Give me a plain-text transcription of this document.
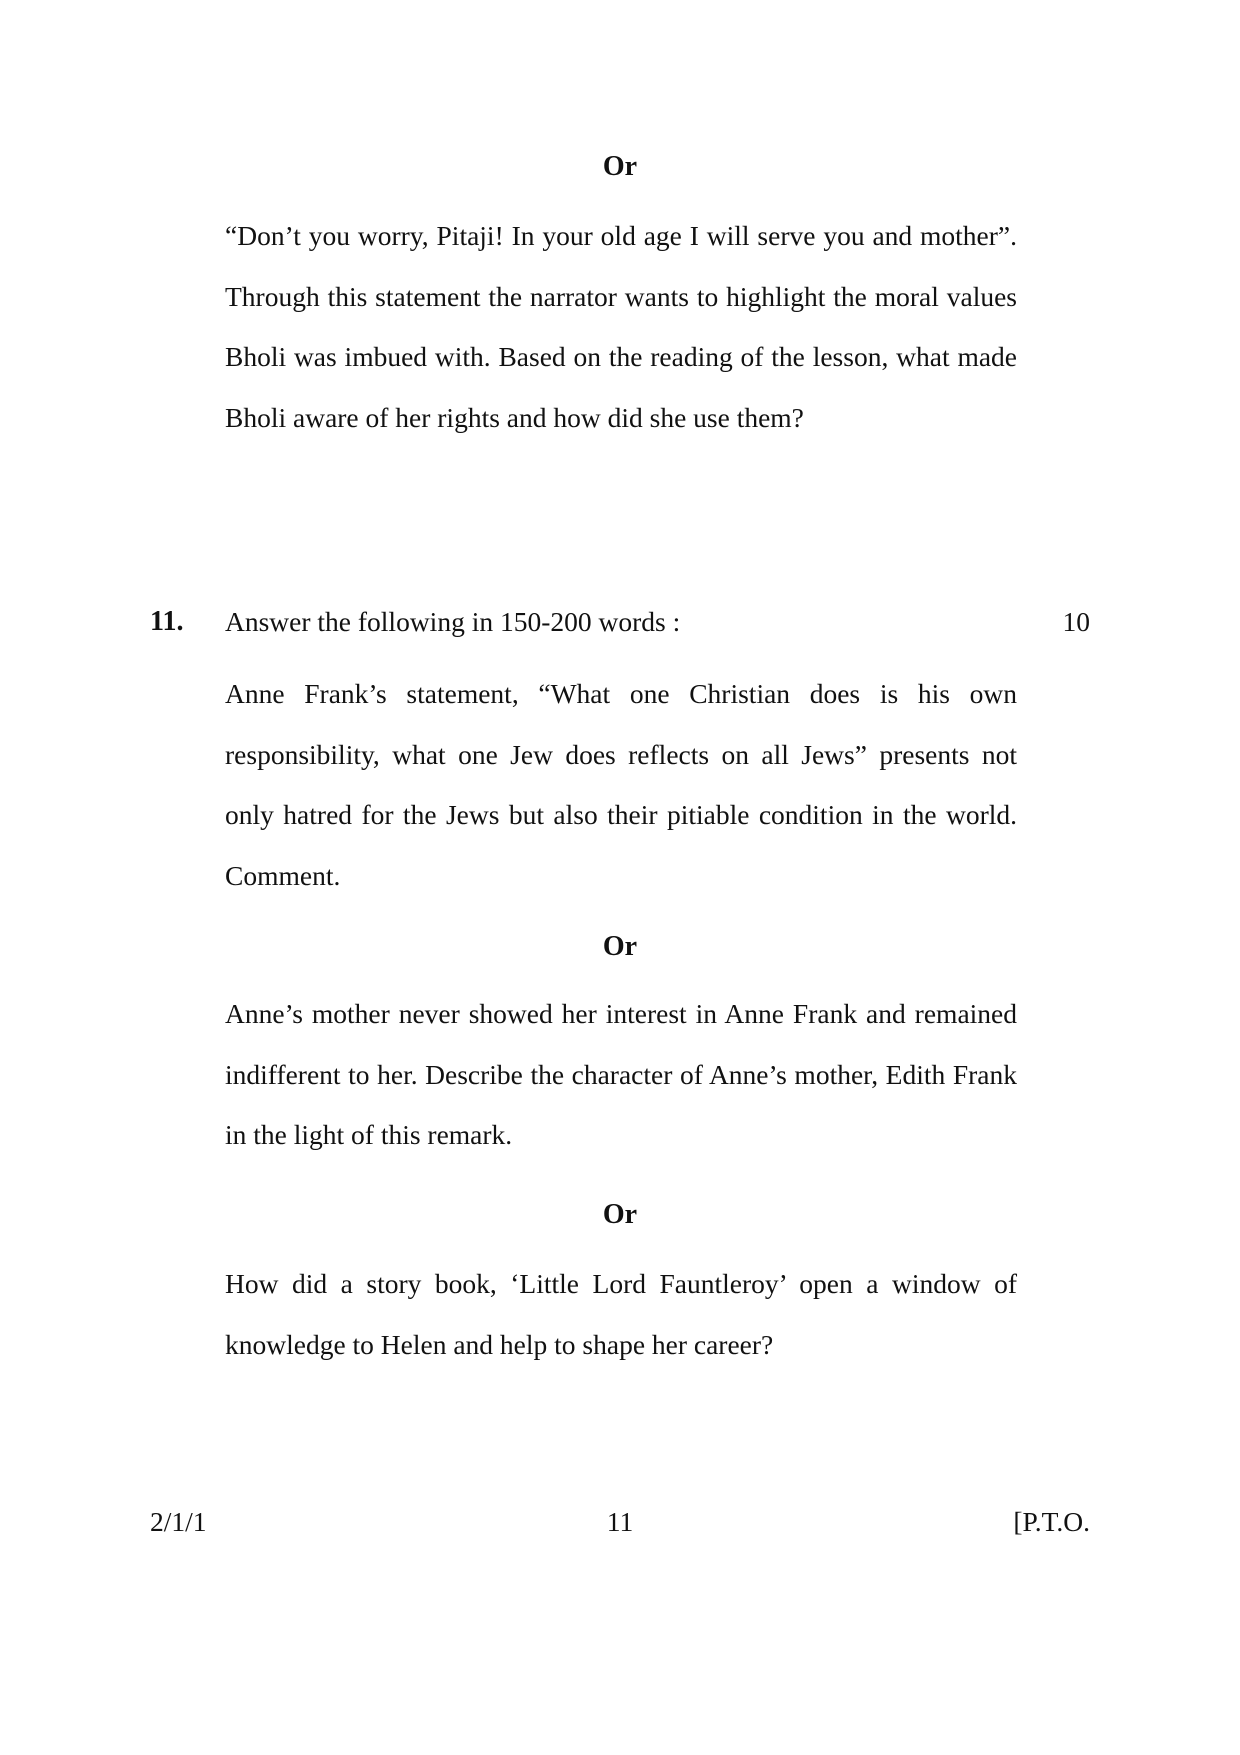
Or
“Don’t you worry, Pitaji! In your old age I will serve you and mother”. Through this statement the narrator wants to highlight the moral values Bholi was imbued with. Based on the reading of the lesson, what made Bholi aware of her rights and how did she use them?
11. Answer the following in 150-200 words :	10
Anne Frank’s statement, “What one Christian does is his own responsibility, what one Jew does reflects on all Jews” presents not only hatred for the Jews but also their pitiable condition in the world. Comment.
Or
Anne’s mother never showed her interest in Anne Frank and remained indifferent to her. Describe the character of Anne’s mother, Edith Frank in the light of this remark.
Or
How did a story book, ‘Little Lord Fauntleroy’ open a window of knowledge to Helen and help to shape her career?
2/1/1	11	[P.T.O.
